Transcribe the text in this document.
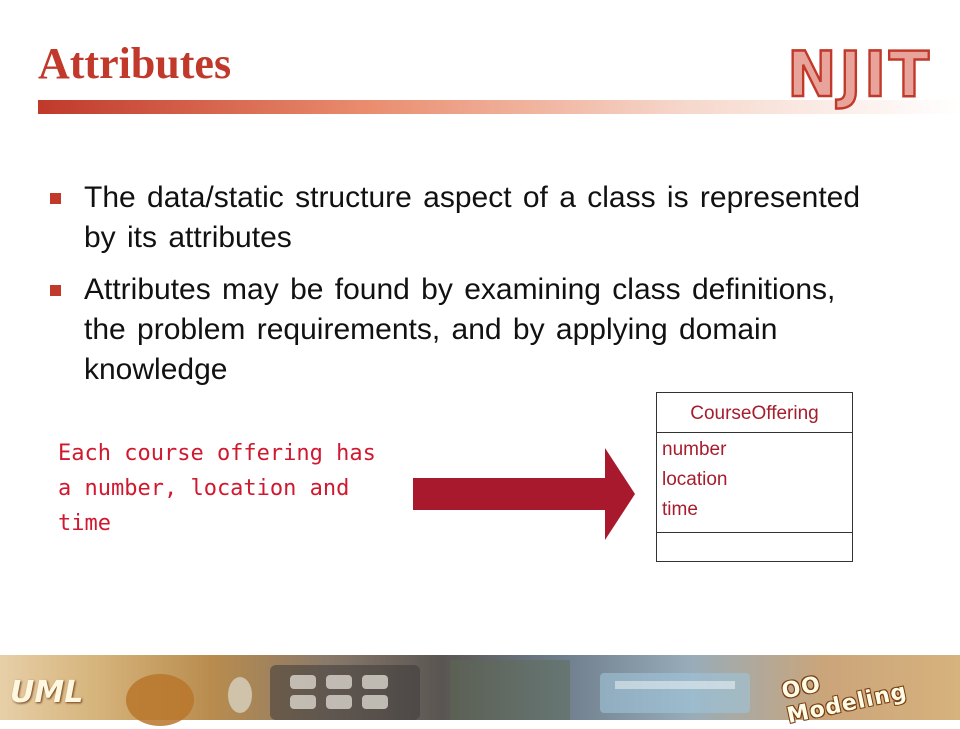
Attributes	NJIT
The data/static structure aspect of a class is represented by its attributes
Attributes may be found by examining class definitions, the problem requirements, and by applying domain knowledge

Each course offering has a number, location and time

CourseOffering
number
location
time
UML	OO Modeling
